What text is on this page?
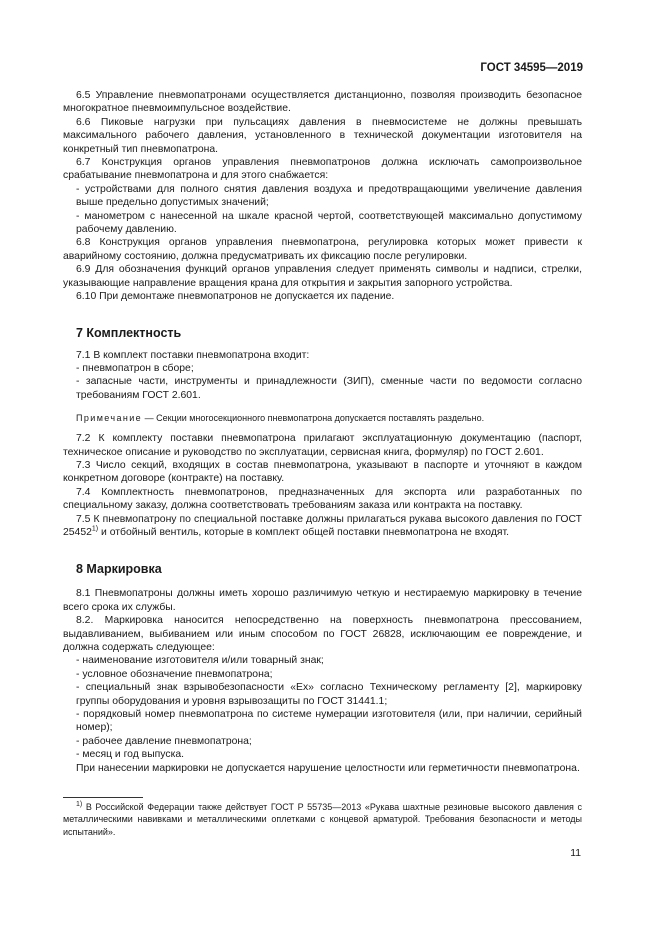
ГОСТ 34595—2019

6.5 Управление пневмопатронами осуществляется дистанционно, позволяя производить безопасное многократное пневмоимпульсное воздействие.

6.6 Пиковые нагрузки при пульсациях давления в пневмосистеме не должны превышать максимального рабочего давления, установленного в технической документации изготовителя на конкретный тип пневмопатрона.

6.7 Конструкция органов управления пневмопатронов должна исключать самопроизвольное срабатывание пневмопатрона и для этого снабжается:

- устройствами для полного снятия давления воздуха и предотвращающими увеличение давления выше предельно допустимых значений;

- манометром с нанесенной на шкале красной чертой, соответствующей максимально допустимому рабочему давлению.

6.8 Конструкция органов управления пневмопатрона, регулировка которых может привести к аварийному состоянию, должна предусматривать их фиксацию после регулировки.

6.9 Для обозначения функций органов управления следует применять символы и надписи, стрелки, указывающие направление вращения крана для открытия и закрытия запорного устройства.

6.10 При демонтаже пневмопатронов не допускается их падение.

7 Комплектность

7.1 В комплект поставки пневмопатрона входит:

- пневмопатрон в сборе;

- запасные части, инструменты и принадлежности (ЗИП), сменные части по ведомости согласно требованиям ГОСТ 2.601.

Примечание — Секции многосекционного пневмопатрона допускается поставлять раздельно.

7.2 К комплекту поставки пневмопатрона прилагают эксплуатационную документацию (паспорт, техническое описание и руководство по эксплуатации, сервисная книга, формуляр) по ГОСТ 2.601.

7.3 Число секций, входящих в состав пневмопатрона, указывают в паспорте и уточняют в каждом конкретном договоре (контракте) на поставку.

7.4 Комплектность пневмопатронов, предназначенных для экспорта или разработанных по специальному заказу, должна соответствовать требованиям заказа или контракта на поставку.

7.5 К пневмопатрону по специальной поставке должны прилагаться рукава высокого давления по ГОСТ 25452$^{1)}$ и отбойный вентиль, которые в комплект общей поставки пневмопатрона не входят.

8 Маркировка

8.1 Пневмопатроны должны иметь хорошо различимую четкую и нестираемую маркировку в течение всего срока их службы.

8.2. Маркировка наносится непосредственно на поверхность пневмопатрона прессованием, выдавливанием, выбиванием или иным способом по ГОСТ 26828, исключающим ее повреждение, и должна содержать следующее:

- наименование изготовителя и/или товарный знак;

- условное обозначение пневмопатрона;

- специальный знак взрывобезопасности «Ex» согласно Техническому регламенту [2], маркировку группы оборудования и уровня взрывозащиты по ГОСТ 31441.1;

- порядковый номер пневмопатрона по системе нумерации изготовителя (или, при наличии, серийный номер);

- рабочее давление пневмопатрона;

- месяц и год выпуска.

При нанесении маркировки не допускается нарушение целостности или герметичности пневмопатрона.

$^{1)}$ В Российской Федерации также действует ГОСТ Р 55735—2013 «Рукава шахтные резиновые высокого давления с металлическими навивками и металлическими оплетками с концевой арматурой. Требования безопасности и методы испытаний».
11
